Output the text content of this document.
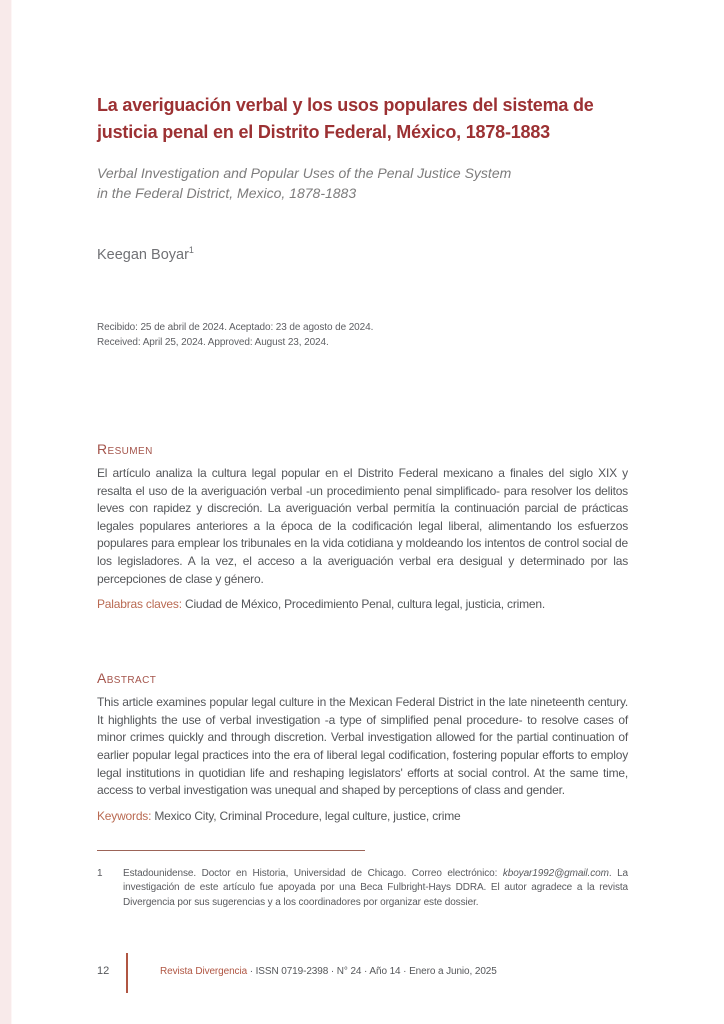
La averiguación verbal y los usos populares del sistema de
justicia penal en el Distrito Federal, México, 1878-1883
Verbal Investigation and Popular Uses of the Penal Justice System
in the Federal District, Mexico, 1878-1883

Keegan Boyar$^1$

Recibido: 25 de abril de 2024. Aceptado: 23 de agosto de 2024.
Received: April 25, 2024. Approved: August 23, 2024.
Resumen

El artículo analiza la cultura legal popular en el Distrito Federal mexicano a finales del siglo XIX y resalta el uso de la averiguación verbal -un procedimiento penal simplificado- para resolver los delitos leves con rapidez y discreción. La averiguación verbal permitía la continuación parcial de prácticas legales populares anteriores a la época de la codificación legal liberal, alimentando los esfuerzos populares para emplear los tribunales en la vida cotidiana y moldeando los intentos de control social de los legisladores. A la vez, el acceso a la averiguación verbal era desigual y determinado por las percepciones de clase y género.

Palabras claves: Ciudad de México, Procedimiento Penal, cultura legal, justicia, crimen.

Abstract

This article examines popular legal culture in the Mexican Federal District in the late nineteenth century. It highlights the use of verbal investigation -a type of simplified penal procedure- to resolve cases of minor crimes quickly and through discretion. Verbal investigation allowed for the partial continuation of earlier popular legal practices into the era of liberal legal codification, fostering popular efforts to employ legal institutions in quotidian life and reshaping legislators' efforts at social control. At the same time, access to verbal investigation was unequal and shaped by perceptions of class and gender.

Keywords: Mexico City, Criminal Procedure, legal culture, justice, crime

1	Estadounidense. Doctor en Historia, Universidad de Chicago. Correo electrónico: kboyar1992@gmail.com. La investigación de este artículo fue apoyada por una Beca Fulbright-Hays DDRA. El autor agradece a la revista Divergencia por sus sugerencias y a los coordinadores por organizar este dossier.

12	Revista Divergencia · ISSN 0719-2398 · N° 24 · Año 14 · Enero a Junio, 2025
